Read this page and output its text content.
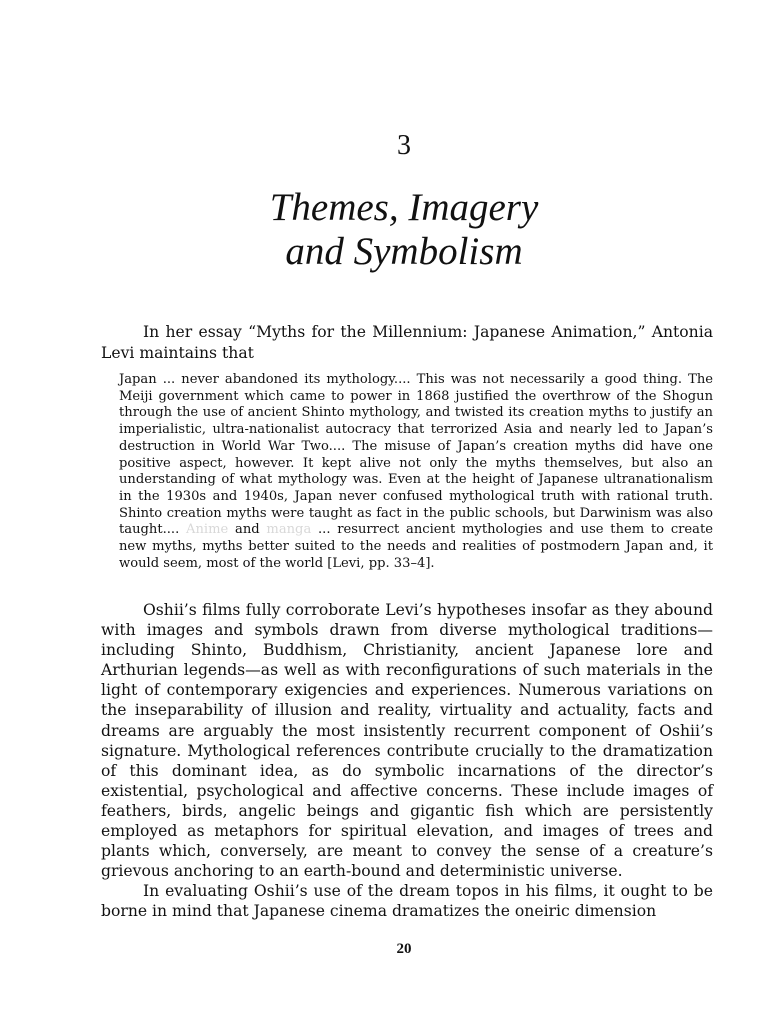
3
Themes, Imagery
and Symbolism

In her essay “Myths for the Millennium: Japanese Animation,” Antonia Levi maintains that

Japan ... never abandoned its mythology.... This was not necessarily a good thing. The Meiji government which came to power in 1868 justified the overthrow of the Shogun through the use of ancient Shinto mythology, and twisted its creation myths to justify an imperialistic, ultra-nationalist autocracy that terrorized Asia and nearly led to Japan’s destruction in World War Two.... The misuse of Japan’s creation myths did have one positive aspect, however. It kept alive not only the myths themselves, but also an understanding of what mythology was. Even at the height of Japanese ultranationalism in the 1930s and 1940s, Japan never confused mythological truth with rational truth. Shinto creation myths were taught as fact in the public schools, but Darwinism was also taught.... Anime and manga ... resurrect ancient mythologies and use them to create new myths, myths better suited to the needs and realities of postmodern Japan and, it would seem, most of the world [Levi, pp. 33–4].

Oshii’s films fully corroborate Levi’s hypotheses insofar as they abound with images and symbols drawn from diverse mythological traditions—including Shinto, Buddhism, Christianity, ancient Japanese lore and Arthurian legends—as well as with reconfigurations of such materials in the light of contemporary exigencies and experiences. Numerous variations on the inseparability of illusion and reality, virtuality and actuality, facts and dreams are arguably the most insistently recurrent component of Oshii’s signature. Mythological references contribute crucially to the dramatization of this dominant idea, as do symbolic incarnations of the director’s existential, psychological and affective concerns. These include images of feathers, birds, angelic beings and gigantic fish which are persistently employed as metaphors for spiritual elevation, and images of trees and plants which, conversely, are meant to convey the sense of a creature’s grievous anchoring to an earth-bound and deterministic universe.

In evaluating Oshii’s use of the dream topos in his films, it ought to be borne in mind that Japanese cinema dramatizes the oneiric dimension

20
